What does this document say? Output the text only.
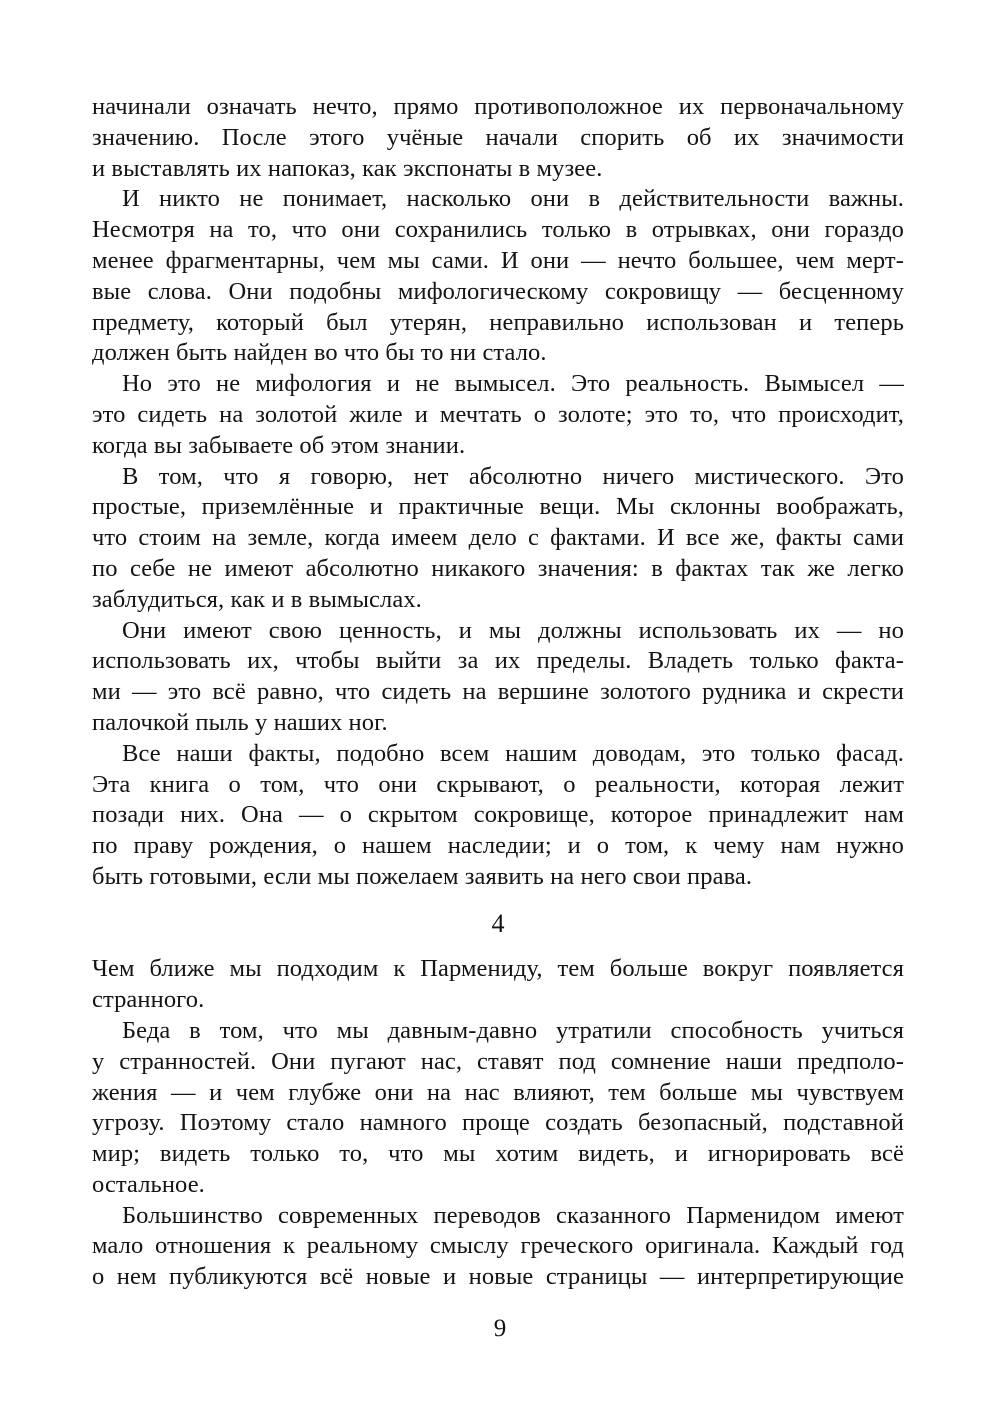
начинали означать нечто, прямо противоположное их первоначальному
значению. После этого учёные начали спорить об их значимости
и выставлять их напоказ, как экспонаты в музее.
И никто не понимает, насколько они в действительности важны.
Несмотря на то, что они сохранились только в отрывках, они гораздо
менее фрагментарны, чем мы сами. И они — нечто большее, чем мерт-
вые слова. Они подобны мифологическому сокровищу — бесценному
предмету, который был утерян, неправильно использован и теперь
должен быть найден во что бы то ни стало.
Но это не мифология и не вымысел. Это реальность. Вымысел —
это сидеть на золотой жиле и мечтать о золоте; это то, что происходит,
когда вы забываете об этом знании.
В том, что я говорю, нет абсолютно ничего мистического. Это
простые, приземлённые и практичные вещи. Мы склонны воображать,
что стоим на земле, когда имеем дело с фактами. И все же, факты сами
по себе не имеют абсолютно никакого значения: в фактах так же легко
заблудиться, как и в вымыслах.
Они имеют свою ценность, и мы должны использовать их — но
использовать их, чтобы выйти за их пределы. Владеть только факта-
ми — это всё равно, что сидеть на вершине золотого рудника и скрести
палочкой пыль у наших ног.
Все наши факты, подобно всем нашим доводам, это только фасад.
Эта книга о том, что они скрывают, о реальности, которая лежит
позади них. Она — о скрытом сокровище, которое принадлежит нам
по праву рождения, о нашем наследии; и о том, к чему нам нужно
быть готовыми, если мы пожелаем заявить на него свои права.
4
Чем ближе мы подходим к Пармениду, тем больше вокруг появляется
странного.
Беда в том, что мы давным-давно утратили способность учиться
у странностей. Они пугают нас, ставят под сомнение наши предполо-
жения — и чем глубже они на нас влияют, тем больше мы чувствуем
угрозу. Поэтому стало намного проще создать безопасный, подставной
мир; видеть только то, что мы хотим видеть, и игнорировать всё
остальное.
Большинство современных переводов сказанного Парменидом имеют
мало отношения к реальному смыслу греческого оригинала. Каждый год
о нем публикуются всё новые и новые страницы — интерпретирующие
9
